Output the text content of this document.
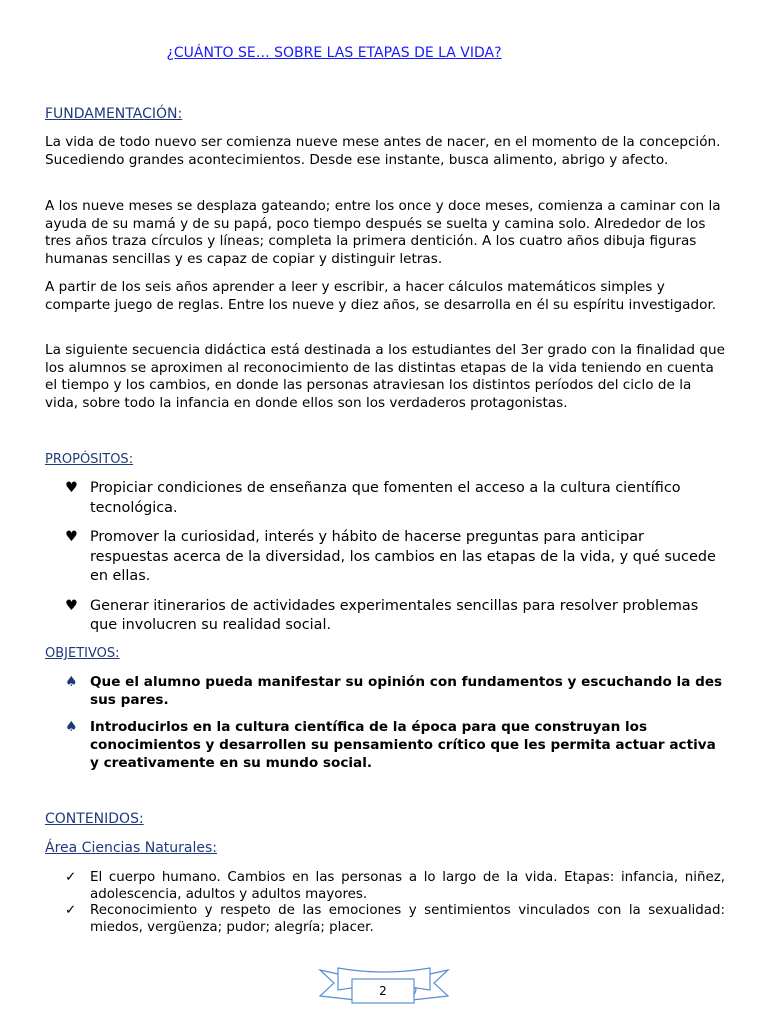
¿CUÁNTO SE… SOBRE LAS ETAPAS DE LA VIDA?
FUNDAMENTACIÓN:
La vida de todo nuevo ser comienza nueve mese antes de nacer, en el momento de la concepción. Sucediendo grandes acontecimientos. Desde ese instante, busca alimento, abrigo y afecto.
A los nueve meses se desplaza gateando; entre los once y doce meses, comienza a caminar con la ayuda de su mamá y de su papá, poco tiempo después se suelta y camina solo. Alrededor de los tres años traza círculos y líneas; completa la primera dentición. A los cuatro años dibuja figuras humanas sencillas y es capaz de copiar y distinguir letras.
A partir de los seis años aprender a leer y escribir, a hacer cálculos matemáticos simples y comparte juego de reglas. Entre los nueve y diez años, se desarrolla en él su espíritu investigador.
La siguiente secuencia didáctica está destinada a los estudiantes del 3er grado con la finalidad que los alumnos se aproximen al reconocimiento de las distintas etapas de la vida teniendo en cuenta el tiempo y los cambios, en donde las personas atraviesan los distintos períodos del ciclo de la vida, sobre todo la infancia en donde ellos son los verdaderos protagonistas.
PROPÓSITOS:
♥ Propiciar condiciones de enseñanza que fomenten el acceso a la cultura científico tecnológica.
♥ Promover la curiosidad, interés y hábito de hacerse preguntas para anticipar respuestas acerca de la diversidad, los cambios en las etapas de la vida, y qué sucede en ellas.
♥ Generar itinerarios de actividades experimentales sencillas para resolver problemas que involucren su realidad social.
OBJETIVOS:
♠ Que el alumno pueda manifestar su opinión con fundamentos y escuchando la des sus pares.
♠ Introducirlos en la cultura científica de la época para que construyan los conocimientos y desarrollen su pensamiento crítico que les permita actuar activa y creativamente en su mundo social.
CONTENIDOS:
Área Ciencias Naturales:
✓ El cuerpo humano. Cambios en las personas a lo largo de la vida. Etapas: infancia, niñez, adolescencia, adultos y adultos mayores.
✓ Reconocimiento y respeto de las emociones y sentimientos vinculados con la sexualidad: miedos, vergüenza; pudor; alegría; placer.
2
